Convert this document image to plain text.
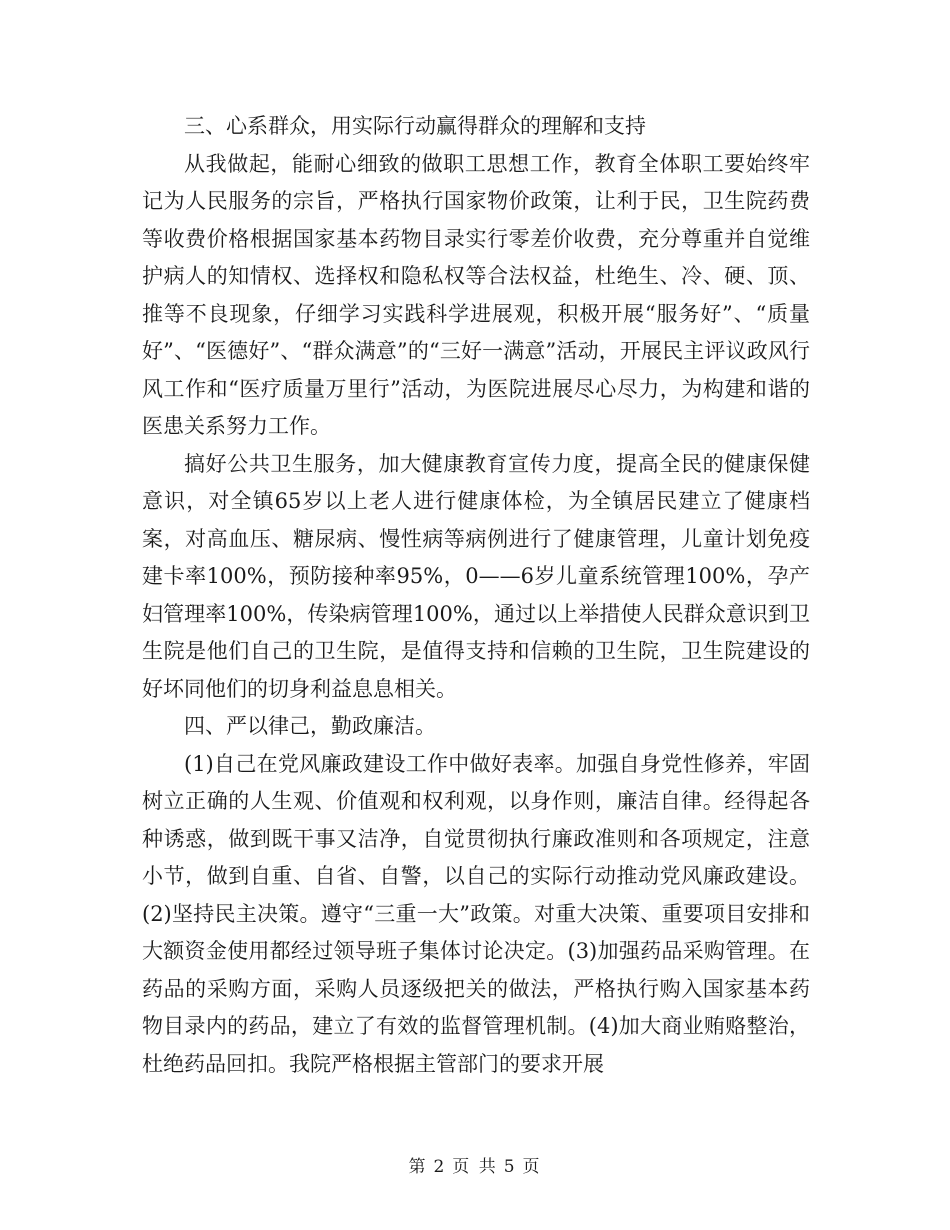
三、心系群众，用实际行动赢得群众的理解和支持

从我做起，能耐心细致的做职工思想工作，教育全体职工要始终牢记为人民服务的宗旨，严格执行国家物价政策，让利于民，卫生院药费等收费价格根据国家基本药物目录实行零差价收费，充分尊重并自觉维护病人的知情权、选择权和隐私权等合法权益，杜绝生、冷、硬、顶、推等不良现象，仔细学习实践科学进展观，积极开展“服务好”、“质量好”、“医德好”、“群众满意”的“三好一满意”活动，开展民主评议政风行风工作和“医疗质量万里行”活动，为医院进展尽心尽力，为构建和谐的医患关系努力工作。

搞好公共卫生服务，加大健康教育宣传力度，提高全民的健康保健意识，对全镇65岁以上老人进行健康体检，为全镇居民建立了健康档案，对高血压、糖尿病、慢性病等病例进行了健康管理，儿童计划免疫建卡率100%，预防接种率95%，0——6岁儿童系统管理100%，孕产妇管理率100%，传染病管理100%，通过以上举措使人民群众意识到卫生院是他们自己的卫生院，是值得支持和信赖的卫生院，卫生院建设的好坏同他们的切身利益息息相关。

四、严以律己，勤政廉洁。

(1)自己在党风廉政建设工作中做好表率。加强自身党性修养，牢固树立正确的人生观、价值观和权利观，以身作则，廉洁自律。经得起各种诱惑，做到既干事又洁净，自觉贯彻执行廉政准则和各项规定，注意小节，做到自重、自省、自警，以自己的实际行动推动党风廉政建设。(2)坚持民主决策。遵守“三重一大”政策。对重大决策、重要项目安排和大额资金使用都经过领导班子集体讨论决定。(3)加强药品采购管理。在药品的采购方面，采购人员逐级把关的做法，严格执行购入国家基本药物目录内的药品，建立了有效的监督管理机制。(4)加大商业贿赂整治，杜绝药品回扣。我院严格根据主管部门的要求开展

第 2 页 共 5 页
